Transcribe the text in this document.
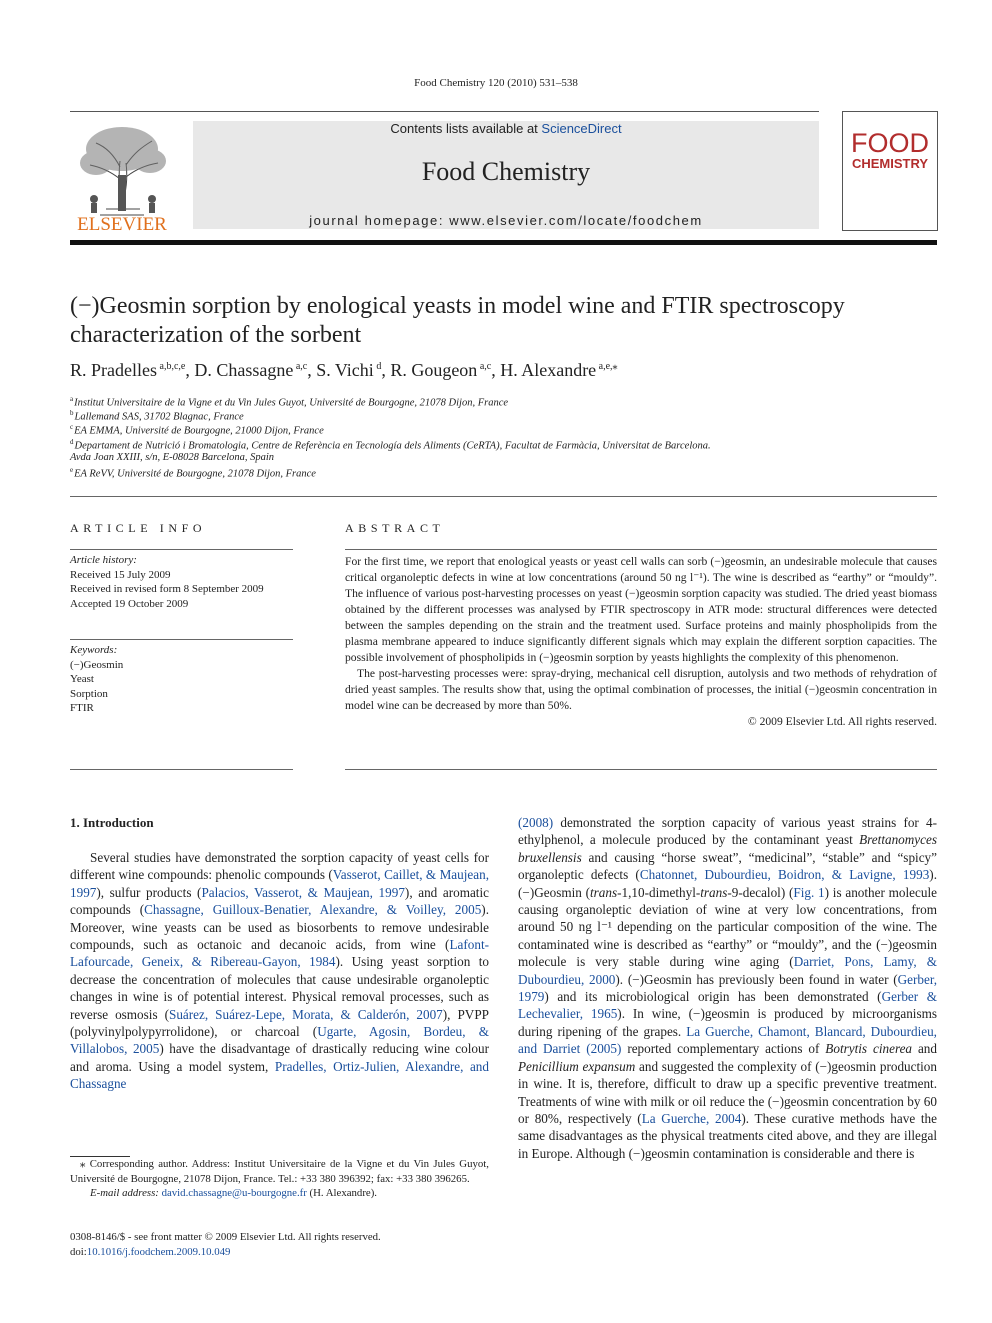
Food Chemistry 120 (2010) 531–538
ELSEVIER
Contents lists available at ScienceDirect
Food Chemistry
journal homepage: www.elsevier.com/locate/foodchem
FOOD
CHEMISTRY
(−)Geosmin sorption by enological yeasts in model wine and FTIR spectroscopy characterization of the sorbent
R. Pradelles $^{a,b,c,e}$, D. Chassagne $^{a,c}$, S. Vichi $^d$, R. Gougeon $^{a,c}$, H. Alexandre $^{a,e,⁎}$
$^a$Institut Universitaire de la Vigne et du Vin Jules Guyot, Université de Bourgogne, 21078 Dijon, France
$^b$Lallemand SAS, 31702 Blagnac, France
$^c$EA EMMA, Université de Bourgogne, 21000 Dijon, France
$^d$Departament de Nutrició i Bromatologia, Centre de Referència en Tecnología dels Aliments (CeRTA), Facultat de Farmàcia, Universitat de Barcelona.
Avda Joan XXIII, s/n, E-08028 Barcelona, Spain
$^e$EA ReVV, Université de Bourgogne, 21078 Dijon, France
ARTICLE INFO
Article history:
Received 15 July 2009
Received in revised form 8 September 2009
Accepted 19 October 2009
Keywords:
(−)Geosmin
Yeast
Sorption
FTIR
ABSTRACT

For the first time, we report that enological yeasts or yeast cell walls can sorb (−)geosmin, an undesirable molecule that causes critical organoleptic defects in wine at low concentrations (around 50 ng l⁻¹). The wine is described as “earthy” or “mouldy”. The influence of various post-harvesting processes on yeast (−)geosmin sorption capacity was studied. The dried yeast biomass obtained by the different processes was analysed by FTIR spectroscopy in ATR mode: structural differences were detected between the samples depending on the strain and the treatment used. Surface proteins and mainly phospholipids from the plasma membrane appeared to induce significantly different signals which may explain the different sorption capacities. The possible involvement of phospholipids in (−)geosmin sorption by yeasts highlights the complexity of this phenomenon.

The post-harvesting processes were: spray-drying, mechanical cell disruption, autolysis and two methods of rehydration of dried yeast samples. The results show that, using the optimal combination of processes, the initial (−)geosmin concentration in model wine can be decreased by more than 50%.

© 2009 Elsevier Ltd. All rights reserved.
1. Introduction

Several studies have demonstrated the sorption capacity of yeast cells for different wine compounds: phenolic compounds (Vasserot, Caillet, & Maujean, 1997), sulfur products (Palacios, Vasserot, & Maujean, 1997), and aromatic compounds (Chassagne, Guilloux-Benatier, Alexandre, & Voilley, 2005). Moreover, wine yeasts can be used as biosorbents to remove undesirable compounds, such as octanoic and decanoic acids, from wine (Lafont-Lafourcade, Geneix, & Ribereau-Gayon, 1984). Using yeast sorption to decrease the concentration of molecules that cause undesirable organoleptic changes in wine is of potential interest. Physical removal processes, such as reverse osmosis (Suárez, Suárez-Lepe, Morata, & Calderón, 2007), PVPP (polyvinylpolypyrrolidone), or charcoal (Ugarte, Agosin, Bordeu, & Villalobos, 2005) have the disadvantage of drastically reducing wine colour and aroma. Using a model system, Pradelles, Ortiz-Julien, Alexandre, and Chassagne

(2008) demonstrated the sorption capacity of various yeast strains for 4-ethylphenol, a molecule produced by the contaminant yeast Brettanomyces bruxellensis and causing “horse sweat”, “medicinal”, “stable” and “spicy” organoleptic defects (Chatonnet, Dubourdieu, Boidron, & Lavigne, 1993). (−)Geosmin (trans-1,10-dimethyl-trans-9-decalol) (Fig. 1) is another molecule causing organoleptic deviation of wine at very low concentrations, from around 50 ng l⁻¹ depending on the particular composition of the wine. The contaminated wine is described as “earthy” or “mouldy”, and the (−)geosmin molecule is very stable during wine aging (Darriet, Pons, Lamy, & Dubourdieu, 2000). (−)Geosmin has previously been found in water (Gerber, 1979) and its microbiological origin has been demonstrated (Gerber & Lechevalier, 1965). In wine, (−)geosmin is produced by microorganisms during ripening of the grapes. La Guerche, Chamont, Blancard, Dubourdieu, and Darriet (2005) reported complementary actions of Botrytis cinerea and Penicillium expansum and suggested the complexity of (−)geosmin production in wine. It is, therefore, difficult to draw up a specific preventive treatment. Treatments of wine with milk or oil reduce the (−)geosmin concentration by 60 or 80%, respectively (La Guerche, 2004). These curative methods have the same disadvantages as the physical treatments cited above, and they are illegal in Europe. Although (−)geosmin contamination is considerable and there is

⁎ Corresponding author. Address: Institut Universitaire de la Vigne et du Vin Jules Guyot, Université de Bourgogne, 21078 Dijon, France. Tel.: +33 380 396392; fax: +33 380 396265.

E-mail address: david.chassagne@u-bourgogne.fr (H. Alexandre).

0308-8146/$ - see front matter © 2009 Elsevier Ltd. All rights reserved.
doi:10.1016/j.foodchem.2009.10.049
